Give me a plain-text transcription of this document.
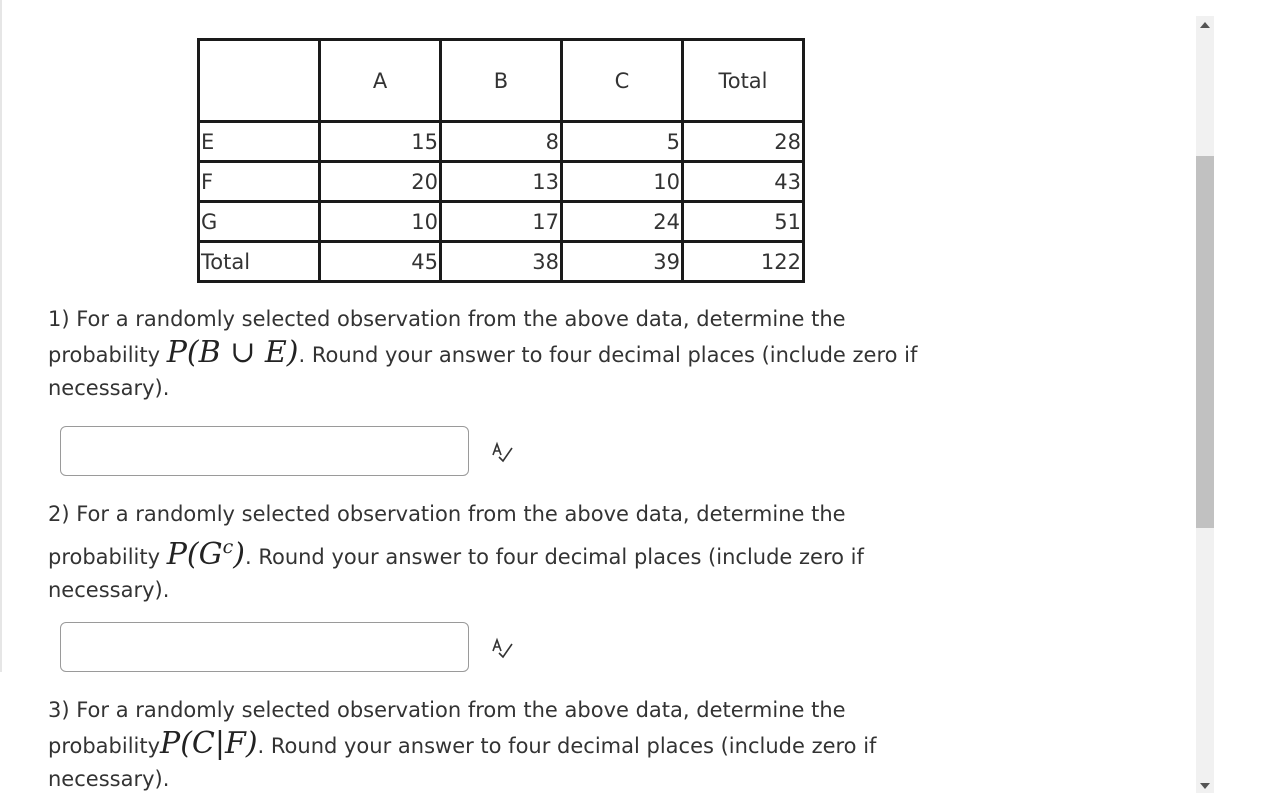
	A	B	C	Total
E	15	8	5	28
F	20	13	10	43
G	10	17	24	51
Total	45	38	39	122
1) For a randomly selected observation from the above data, determine the
probability P(B ∪ E). Round your answer to four decimal places (include zero if
necessary).
2) For a randomly selected observation from the above data, determine the
probability $P(G^c)$. Round your answer to four decimal places (include zero if
necessary).
3) For a randomly selected observation from the above data, determine the
probabilityP(C|F). Round your answer to four decimal places (include zero if
necessary).
